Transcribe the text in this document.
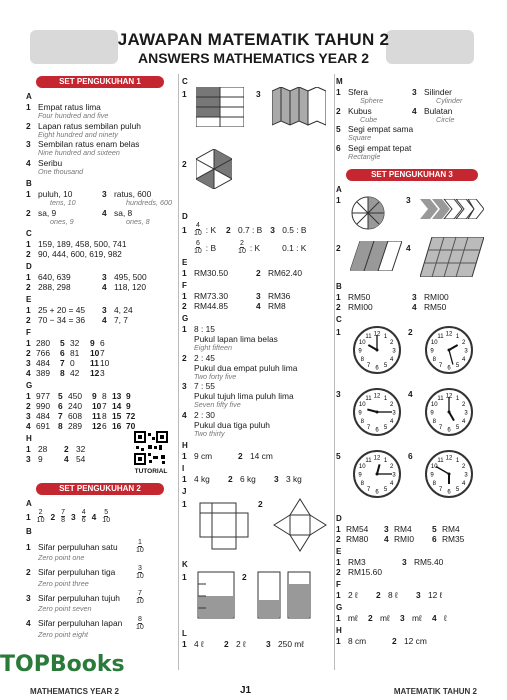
JAWAPAN MATEMATIK TAHUN 2
ANSWERS MATHEMATICS YEAR 2
SET PENGUKUHAN 1
A
1 Empat ratus lima
Four hundred and five
2 Lapan ratus sembilan puluh
Eight hundred and ninety
3 Sembilan ratus enam belas
Nine hundred and sixteen
4 Seribu
One thousand
B
1 puluh, 10	3 ratus, 600
tens, 10	hundreds, 600
2 sa, 9	4 sa, 8
ones, 9	ones, 8
C
1 159, 189, 458, 500, 741
2 90, 444, 600, 619, 982
D
1 640, 639	3 495, 500
2 288, 298	4 118, 120
E
1 25 + 20 = 45	3 4, 24
2 70 − 34 = 36	4 7, 7
F
1 280	5 32	9 6
2 766	6 81	10 7
3 484	7 0	11 10
4 389	8 42	12 3
G
1 977 5 450	9 8 13 9
2 990 6 240	10 7 14 9
3 484 7 608	11 8 15 72
4 691 8 289	12 6 16 70
H
1 28	2 32
3 9	4 54
TUTORIAL
SET PENGUKUHAN 2
A
$1 \frac{2}{10} 2 \frac{7}{8} 3 \frac{4}{6} 4 \frac{5}{10}$
B
1 Sifar perpuluhan satu	$\frac{1}{10}$
Zero point one
2 Sifar perpuluhan tiga	$\frac{3}{10}$
Zero point three
3 Sifar perpuluhan tujuh	$\frac{7}{10}$
Zero point seven
4 Sifar perpuluhan lapan	$\frac{8}{10}$
Zero point eight
C
1	3
2
D
1	$\frac{4}{10}$ : K 2 0.7 : B 3 0.5 : B
$\frac{6}{10}$ : B	$\frac{2}{10}$ : K	0.1 : K
E
1 RM30.50	2 RM62.40
F
1 RM73.30	3 RM36
2 RM44.85	4 RM8
G
1 8 : 15
Pukul lapan lima belas
Eight fifteen
2 2 : 45
Pukul dua empat puluh lima
Two forty five
3 7 : 55
Pukul tujuh lima puluh lima
Seven fifty five
4 2 : 30
Pukul dua tiga puluh
Two thirty
H
1 9 cm	2 14 cm
I
1 4 kg	2 6 kg	3 3 kg
J
1	2
K
1	2
L
1 4 ℓ	2 2 ℓ	3 250 mℓ
M
1 Sfera	3 Silinder
Sphere	Cylinder
2 Kubus	4 Bulatan
Cube	Circle
5 Segi empat sama
Square
6 Segi empat tepat
Rectangle
SET PENGUKUHAN 3
A
1	3
2	4
B
1 RM50	3 RMI00
2 RMI00	4 RM50
C
1	1
2
3
4
5
6
7
8
9
10
11 12	2	1
2
3
4
5
6
7
8
9
10
11 12
3	1
2
3
4
5
6
7
8
9
10
11 12	4	1
2
3
4
5
6
7
8
9
10
11 12
5	1
2
3
4
5
6
7
8
9
10
11 12	6	1
2
3
4
5
6
7
8
9
10
11 12
D
1 RM54	3 RM4	5 RM4
2 RM80	4 RMI0	6 RM35
E
1 RM3	3 RM5.40
2 RM15.60
F
1 2 ℓ	2 8 ℓ	3 12 ℓ
G
1 mℓ	2 mℓ	3 mℓ	4 ℓ
H
1 8 cm	2 12 cm
TOPBooks
MATHEMATICS YEAR 2	J1	MATEMATIK TAHUN 2
